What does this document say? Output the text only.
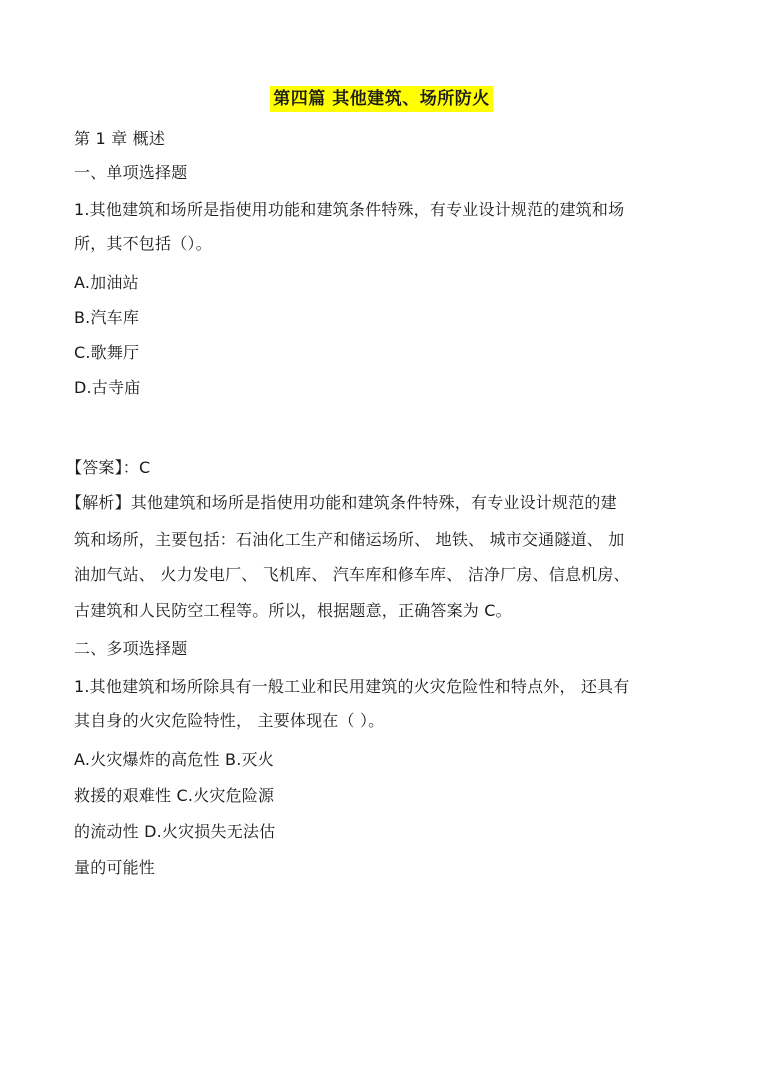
第四篇 其他建筑、场所防火
第 1 章 概述
一、单项选择题
1.其他建筑和场所是指使用功能和建筑条件特殊，有专业设计规范的建筑和场
所，其不包括（）。
A.加油站
B.汽车库
C.歌舞厅
D.古寺庙
【答案】：C
【解析】其他建筑和场所是指使用功能和建筑条件特殊，有专业设计规范的建
筑和场所，主要包括：石油化工生产和储运场所、 地铁、 城市交通隧道、 加
油加气站、 火力发电厂、 飞机库、 汽车库和修车库、 洁净厂房、信息机房、
古建筑和人民防空工程等。所以，根据题意，正确答案为 C。
二、多项选择题
1.其他建筑和场所除具有一般工业和民用建筑的火灾危险性和特点外， 还具有
其自身的火灾危险特性， 主要体现在（ ）。
A.火灾爆炸的高危性 B.灭火
救援的艰难性 C.火灾危险源
的流动性 D.火灾损失无法估
量的可能性
